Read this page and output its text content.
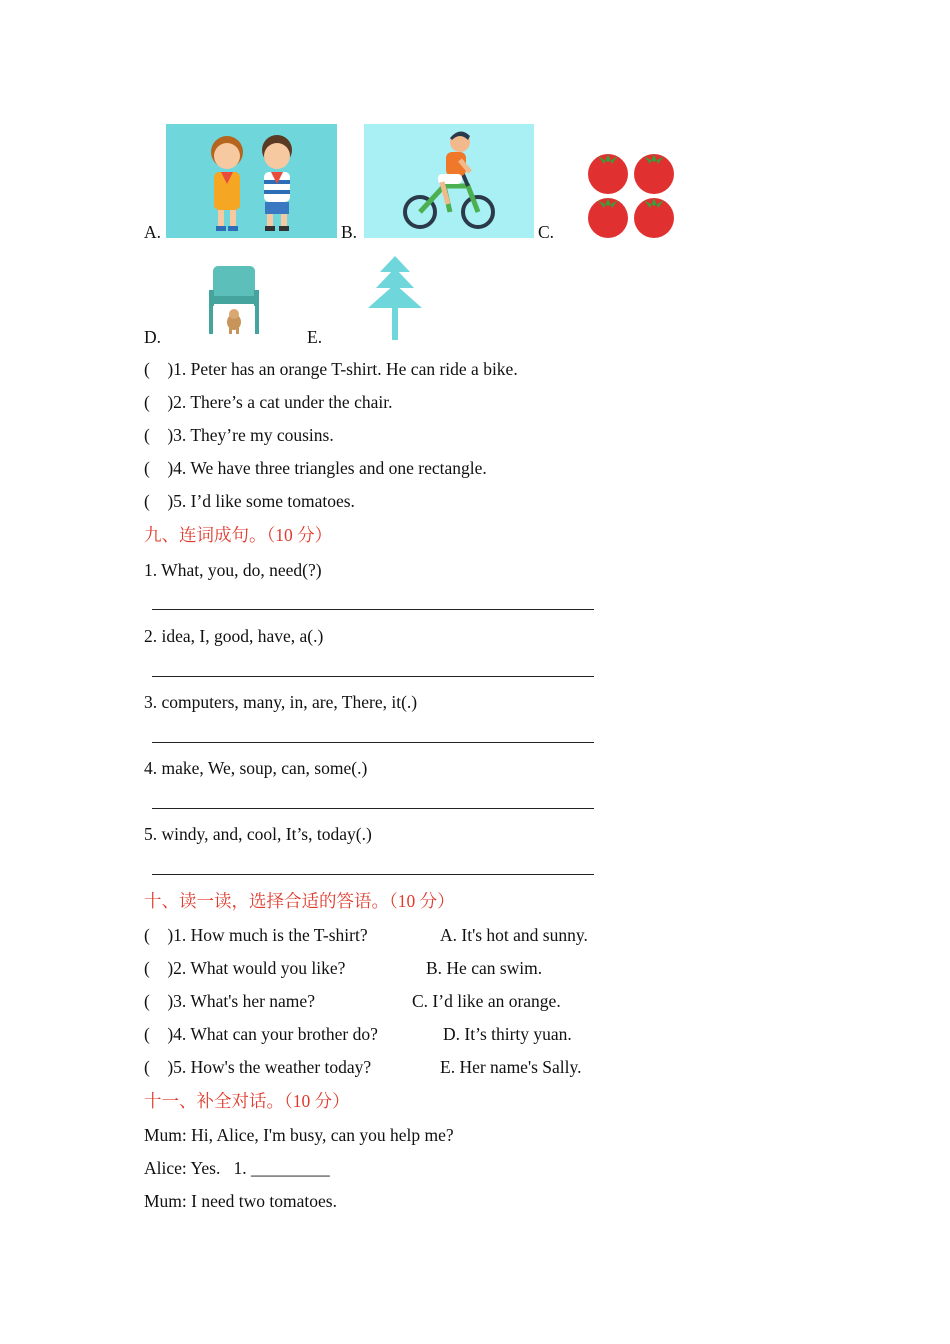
A.	B.	C.
D.	E.
(    )1. Peter has an orange T-shirt. He can ride a bike.
(    )2. There’s a cat under the chair.
(    )3. They’re my cousins.
(    )4. We have three triangles and one rectangle.
(    )5. I’d like some tomatoes.
九、连词成句。（10 分）
1. What, you, do, need(?)
2. idea, I, good, have, a(.)
3. computers, many, in, are, There, it(.)
4. make, We, soup, can, some(.)
5. windy, and, cool, It’s, today(.)
十、读一读，选择合适的答语。（10 分）
(    )1. How much is the T-shirt?	A. It's hot and sunny.
(    )2. What would you like?	B. He can swim.
(    )3. What's her name?	C. I’d like an orange.
(    )4. What can your brother do?	D. It’s thirty yuan.
(    )5. How's the weather today?	E. Her name's Sally.
十一、补全对话。（10 分）
Mum: Hi, Alice, I'm busy, can you help me?
Alice: Yes.   1. _________
Mum: I need two tomatoes.
